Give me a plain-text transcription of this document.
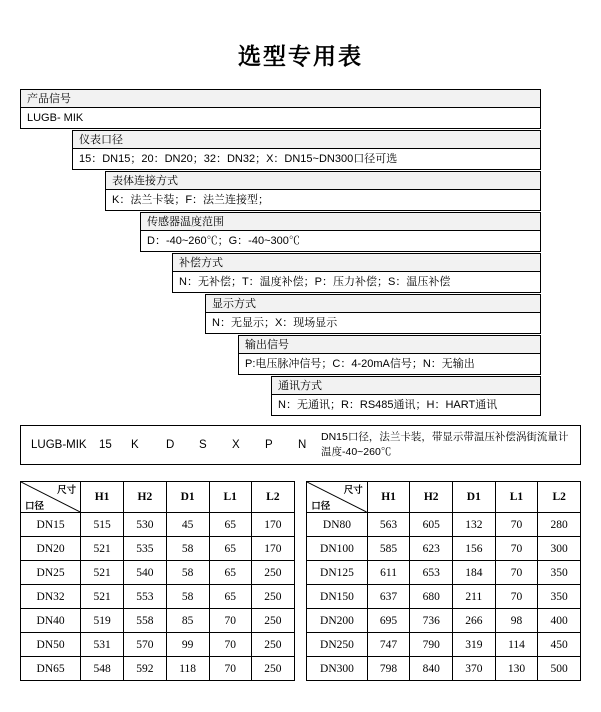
选型专用表
产品信号
LUGB- MIK
仪表口径
15：DN15；20：DN20；32：DN32；X：DN15~DN300口径可选
表体连接方式
K：法兰卡装；F：法兰连接型；
传感器温度范围
D：-40~260℃；G：-40~300℃
补偿方式
N：无补偿；T：温度补偿；P：压力补偿；S：温压补偿
显示方式
N：无显示；X：现场显示
输出信号
P:电压脉冲信号；C：4-20mA信号；N：无输出
通讯方式
N：无通讯；R：RS485通讯；H：HART通讯
LUGB-MIK 15 K D S X P N
DN15口径，法兰卡装，带显示带温压补偿涡街流量计
温度-40~260℃
尺寸
口径	H1	H2	D1	L1	L2
DN15	515	530	45	65	170
DN20	521	535	58	65	170
DN25	521	540	58	65	250
DN32	521	553	58	65	250
DN40	519	558	85	70	250
DN50	531	570	99	70	250
DN65	548	592	118	70	250
尺寸
口径	H1	H2	D1	L1	L2
DN80	563	605	132	70	280
DN100	585	623	156	70	300
DN125	611	653	184	70	350
DN150	637	680	211	70	350
DN200	695	736	266	98	400
DN250	747	790	319	114	450
DN300	798	840	370	130	500
